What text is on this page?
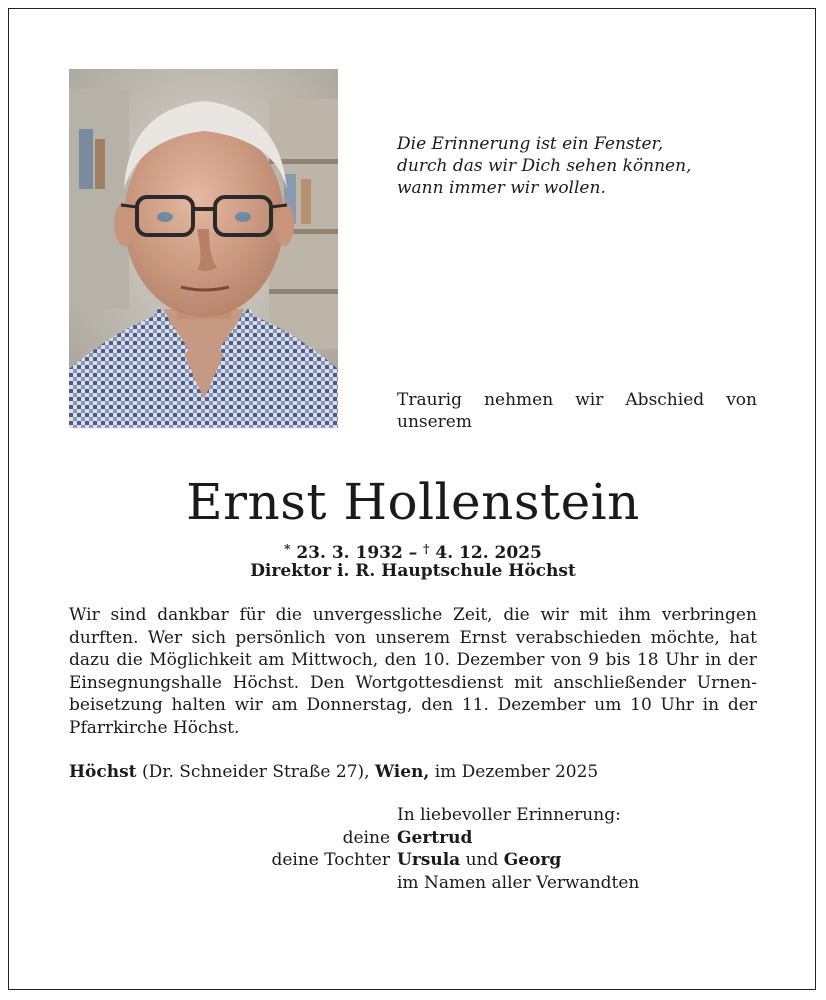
Die Erinnerung ist ein Fenster,
durch das wir Dich sehen können,
wann immer wir wollen.
Traurig nehmen wir Abschied von
unserem
Ernst Hollenstein
* 23. 3. 1932 – † 4. 12. 2025
Direktor i. R. Hauptschule Höchst
Wir sind dankbar für die unvergessliche Zeit, die wir mit ihm verbringen
durften. Wer sich persönlich von unserem Ernst verabschieden möchte, hat
dazu die Möglichkeit am Mittwoch, den 10. Dezember von 9 bis 18 Uhr in der
Einsegnungshalle Höchst. Den Wortgottesdienst mit anschließender Urnen-
beisetzung halten wir am Donnerstag, den 11. Dezember um 10 Uhr in der
Pfarrkirche Höchst.
Höchst (Dr. Schneider Straße 27), Wien, im Dezember 2025
In liebevoller Erinnerung:
deine Gertrud
deine Tochter Ursula und Georg
im Namen aller Verwandten
